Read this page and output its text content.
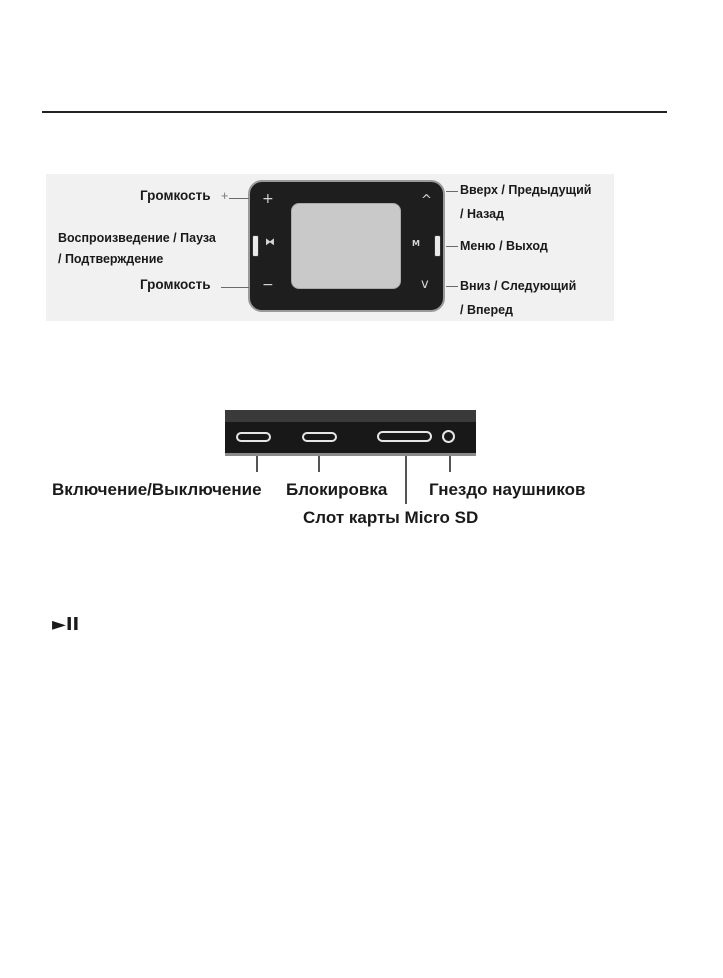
+
−
^
v
M
⧓
Громкость +
Воспроизведение / Пауза
/ Подтверждение
Громкость
Вверх / Предыдущий
/ Назад
Меню / Выход
Вниз / Следующий
/ Вперед
Включение/Выключение Блокировка
Слот карты Micro SD
Гнездо наушников
►II
